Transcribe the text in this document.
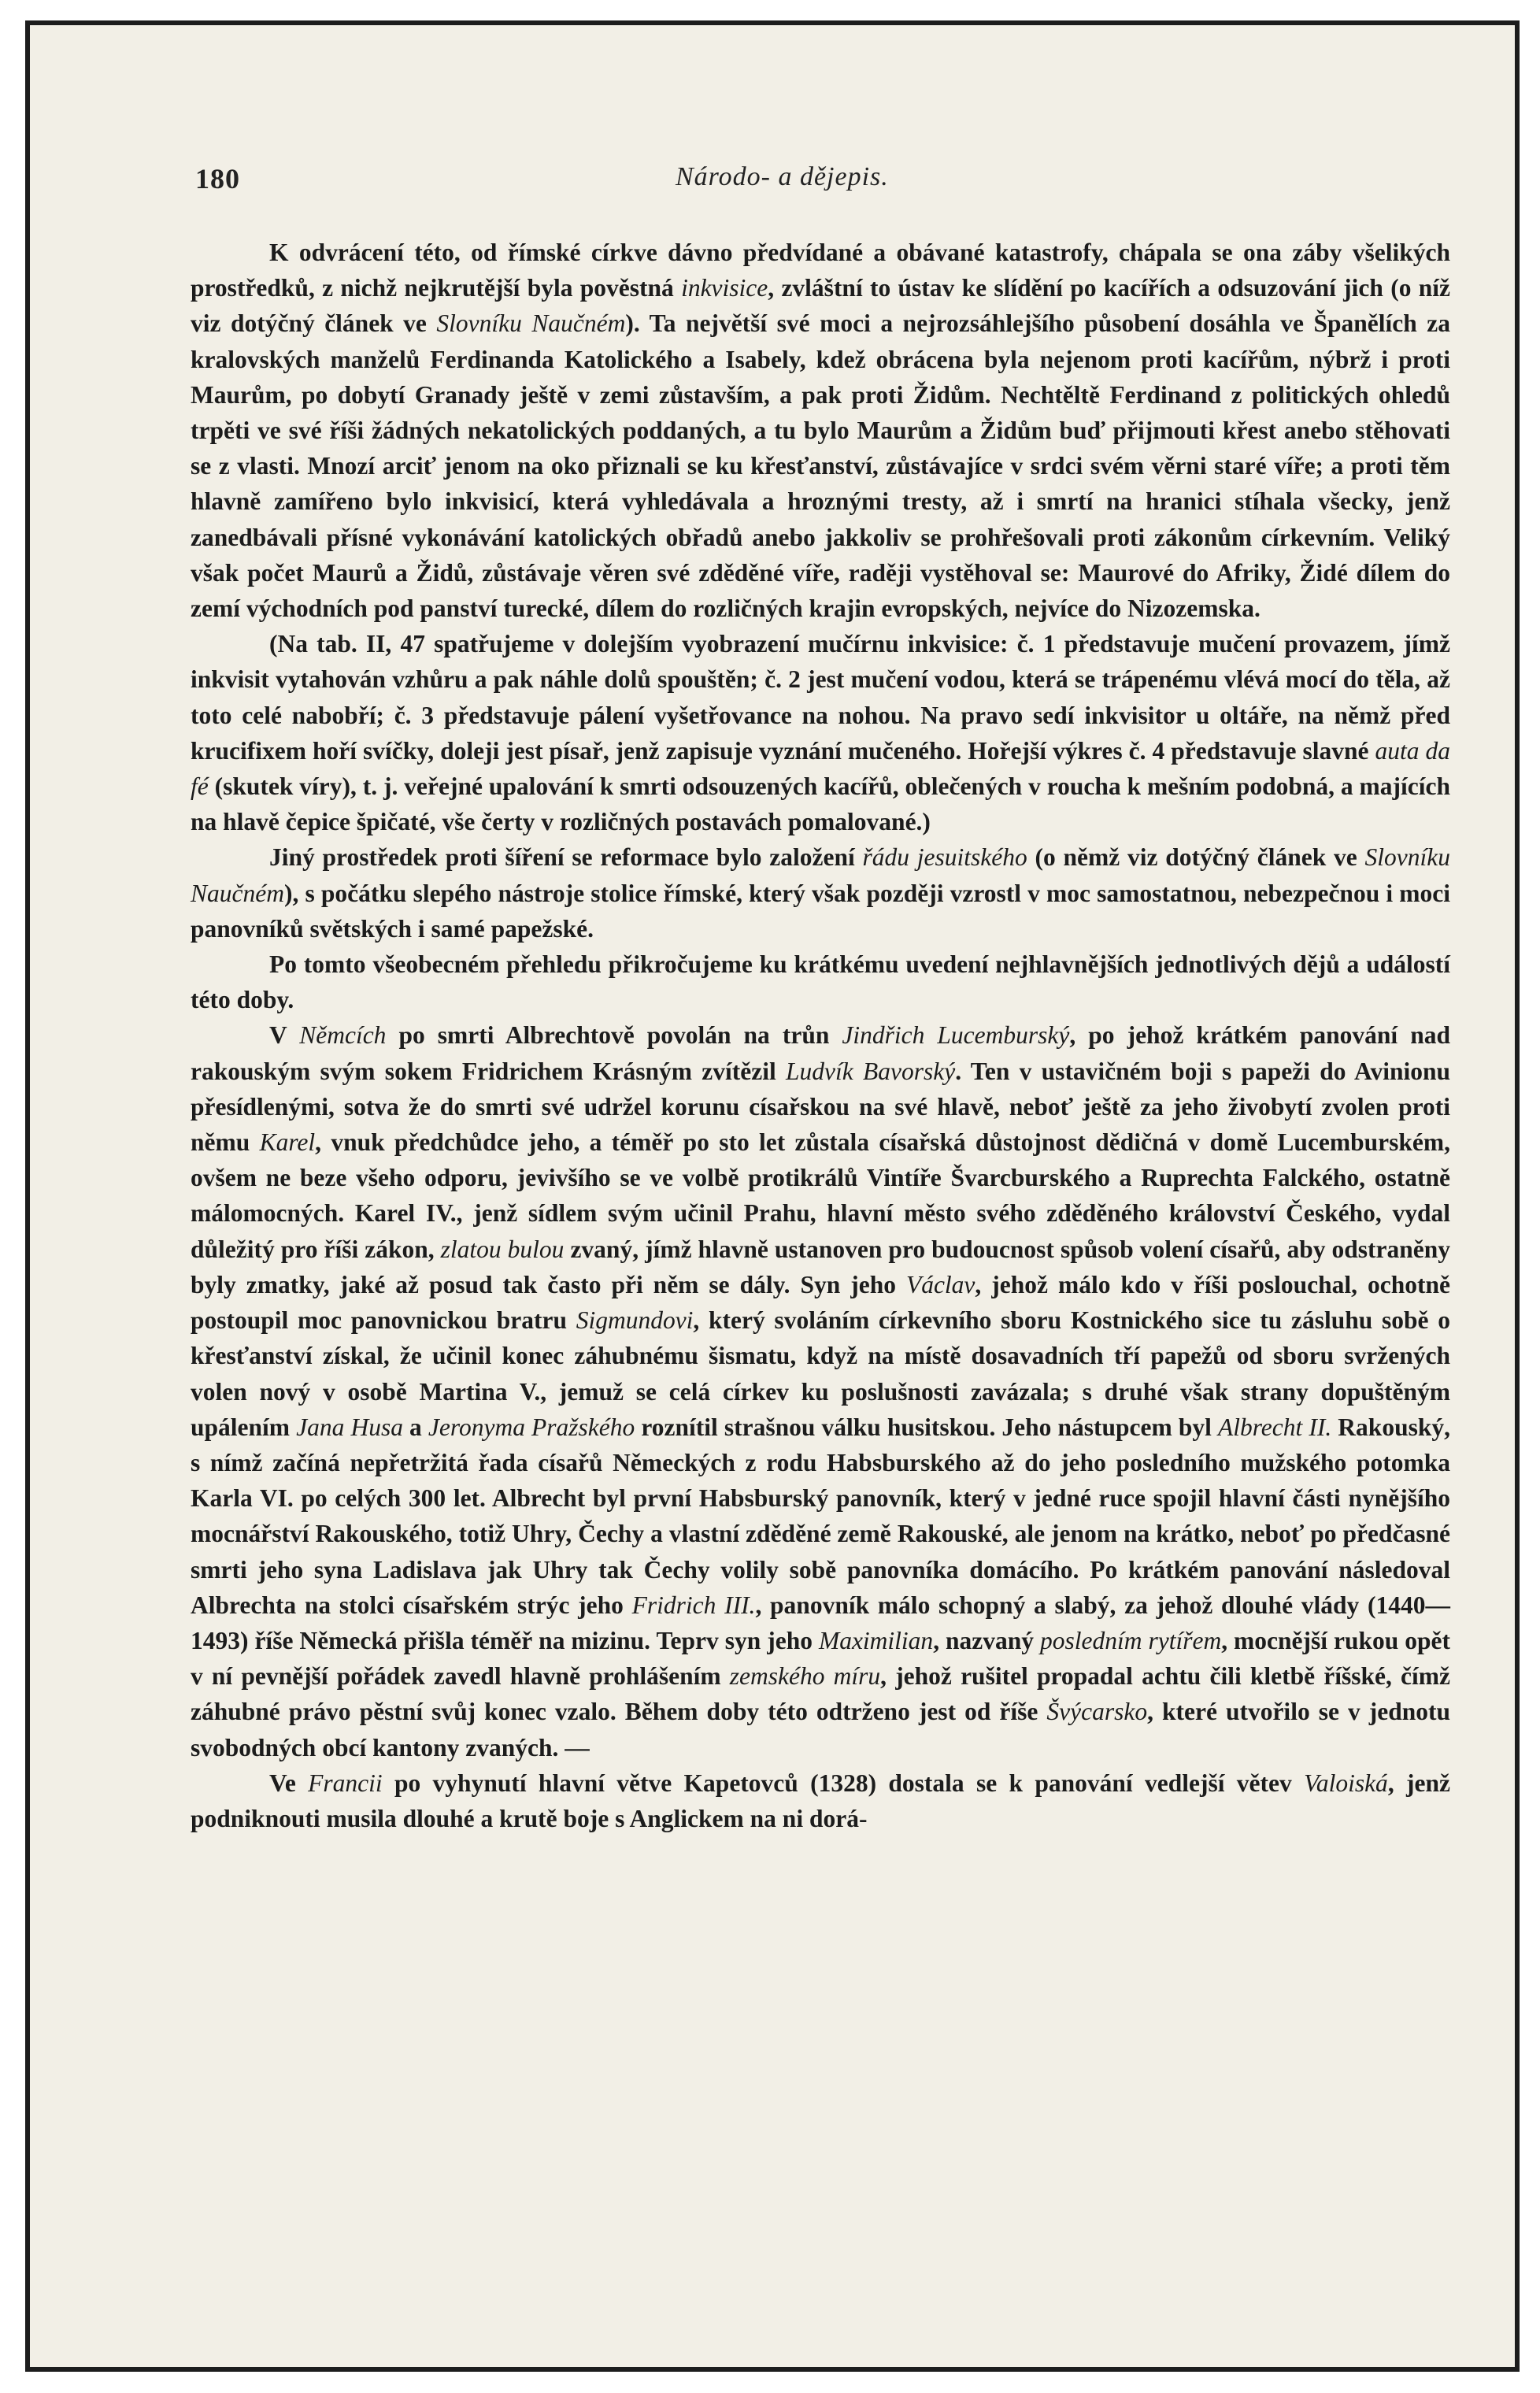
180	Národo- a dějepis.

K odvrácení této, od římské církve dávno předvídané a obávané katastrofy, chápala se ona záby všelikých prostředků, z nichž nejkrutější byla pověstná inkvisice, zvláštní to ústav ke slídění po kacířích a odsuzování jich (o níž viz dotýčný článek ve Slovníku Naučném). Ta největší své moci a nejrozsáhlejšího působení dosáhla ve Španělích za kralovských manželů Ferdinanda Katolického a Isabely, kdež obrácena byla nejenom proti kacířům, nýbrž i proti Maurům, po dobytí Granady ještě v zemi zůstavším, a pak proti Židům. Nechtěltě Ferdinand z politických ohledů trpěti ve své říši žádných nekatolických poddaných, a tu bylo Maurům a Židům buď přijmouti křest anebo stěhovati se z vlasti. Mnozí arciť jenom na oko přiznali se ku křesťanství, zůstávajíce v srdci svém věrni staré víře; a proti těm hlavně zamířeno bylo inkvisicí, která vyhledávala a hroznými tresty, až i smrtí na hranici stíhala všecky, jenž zanedbávali přísné vykonávání katolických obřadů anebo jakkoliv se prohřešovali proti zákonům církevním. Veliký však počet Maurů a Židů, zůstávaje věren své zděděné víře, raději vystěhoval se: Maurové do Afriky, Židé dílem do zemí východních pod panství turecké, dílem do rozličných krajin evropských, nejvíce do Nizozemska.

(Na tab. II, 47 spatřujeme v dolejším vyobrazení mučírnu inkvisice: č. 1 představuje mučení provazem, jímž inkvisit vytahován vzhůru a pak náhle dolů spouštěn; č. 2 jest mučení vodou, která se trápenému vlévá mocí do těla, až toto celé nabobří; č. 3 představuje pálení vyšetřovance na nohou. Na pravo sedí inkvisitor u oltáře, na němž před krucifixem hoří svíčky, doleji jest písař, jenž zapisuje vyznání mučeného. Hořejší výkres č. 4 představuje slavné auta da fé (skutek víry), t. j. veřejné upalování k smrti odsouzených kacířů, oblečených v roucha k mešním podobná, a majících na hlavě čepice špičaté, vše čerty v rozličných postavách pomalované.)

Jiný prostředek proti šíření se reformace bylo založení řádu jesuitského (o němž viz dotýčný článek ve Slovníku Naučném), s počátku slepého nástroje stolice římské, který však později vzrostl v moc samostatnou, nebezpečnou i moci panovníků světských i samé papežské.

Po tomto všeobecném přehledu přikročujeme ku krátkému uvedení nejhlavnějších jednotlivých dějů a událostí této doby.

V Němcích po smrti Albrechtově povolán na trůn Jindřich Lucemburský, po jehož krátkém panování nad rakouským svým sokem Fridrichem Krásným zvítězil Ludvík Bavorský. Ten v ustavičném boji s papeži do Avinionu přesídlenými, sotva že do smrti své udržel korunu císařskou na své hlavě, neboť ještě za jeho živobytí zvolen proti němu Karel, vnuk předchůdce jeho, a téměř po sto let zůstala císařská důstojnost dědičná v domě Lucemburském, ovšem ne beze všeho odporu, jevivšího se ve volbě protikrálů Vintíře Švarcburského a Ruprechta Falckého, ostatně málomocných. Karel IV., jenž sídlem svým učinil Prahu, hlavní město svého zděděného království Českého, vydal důležitý pro říši zákon, zlatou bulou zvaný, jímž hlavně ustanoven pro budoucnost spůsob volení císařů, aby odstraněny byly zmatky, jaké až posud tak často při něm se dály. Syn jeho Václav, jehož málo kdo v říši poslouchal, ochotně postoupil moc panovnickou bratru Sigmundovi, který svoláním církevního sboru Kostnického sice tu zásluhu sobě o křesťanství získal, že učinil konec záhubnému šismatu, když na místě dosavadních tří papežů od sboru svržených volen nový v osobě Martina V., jemuž se celá církev ku poslušnosti zavázala; s druhé však strany dopuštěným upálením Jana Husa a Jeronyma Pražského roznítil strašnou válku husitskou. Jeho nástupcem byl Albrecht II. Rakouský, s nímž začíná nepřetržitá řada císařů Německých z rodu Habsburského až do jeho posledního mužského potomka Karla VI. po celých 300 let. Albrecht byl první Habsburský panovník, který v jedné ruce spojil hlavní části nynějšího mocnářství Rakouského, totiž Uhry, Čechy a vlastní zděděné země Rakouské, ale jenom na krátko, neboť po předčasné smrti jeho syna Ladislava jak Uhry tak Čechy volily sobě panovníka domácího. Po krátkém panování následoval Albrechta na stolci císařském strýc jeho Fridrich III., panovník málo schopný a slabý, za jehož dlouhé vlády (1440—1493) říše Německá přišla téměř na mizinu. Teprv syn jeho Maximilian, nazvaný posledním rytířem, mocnější rukou opět v ní pevnější pořádek zavedl hlavně prohlášením zemského míru, jehož rušitel propadal achtu čili kletbě říšské, čímž záhubné právo pěstní svůj konec vzalo. Během doby této odtrženo jest od říše Švýcarsko, které utvořilo se v jednotu svobodných obcí kantony zvaných. —

Ve Francii po vyhynutí hlavní větve Kapetovců (1328) dostala se k panování vedlejší větev Valoiská, jenž podniknouti musila dlouhé a krutě boje s Anglickem na ni dorá-
